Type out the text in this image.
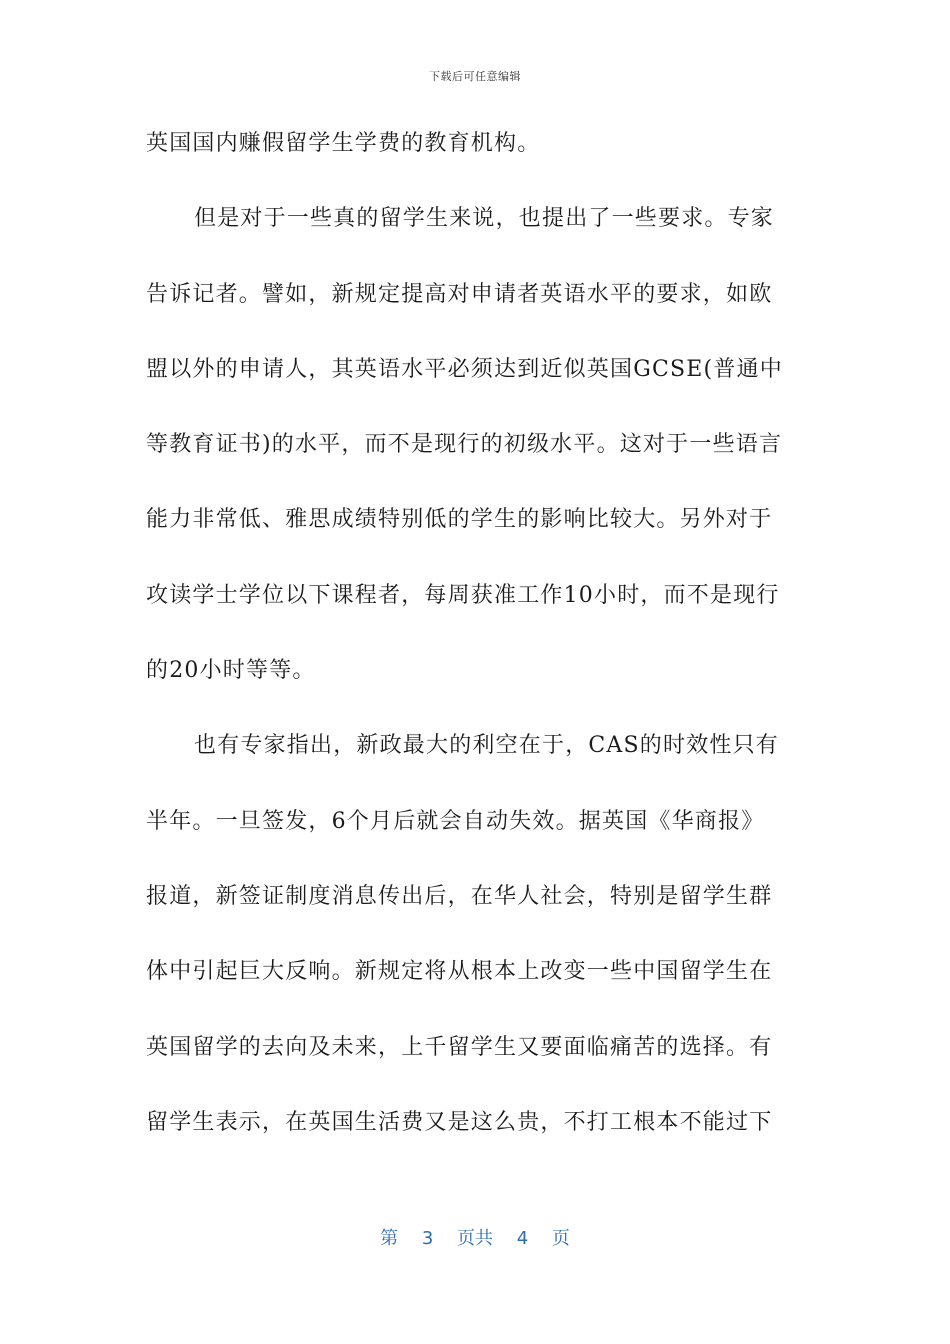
下载后可任意编辑
英国国内赚假留学生学费的教育机构。
但是对于一些真的留学生来说，也提出了一些要求。专家
告诉记者。譬如，新规定提高对申请者英语水平的要求，如欧
盟以外的申请人，其英语水平必须达到近似英国GCSE(普通中
等教育证书)的水平，而不是现行的初级水平。这对于一些语言
能力非常低、雅思成绩特别低的学生的影响比较大。另外对于
攻读学士学位以下课程者，每周获准工作10小时，而不是现行
的20小时等等。
也有专家指出，新政最大的利空在于，CAS的时效性只有
半年。一旦签发，6个月后就会自动失效。据英国《华商报》
报道，新签证制度消息传出后，在华人社会，特别是留学生群
体中引起巨大反响。新规定将从根本上改变一些中国留学生在
英国留学的去向及未来，上千留学生又要面临痛苦的选择。有
留学生表示，在英国生活费又是这么贵，不打工根本不能过下
第 3 页共 4 页
